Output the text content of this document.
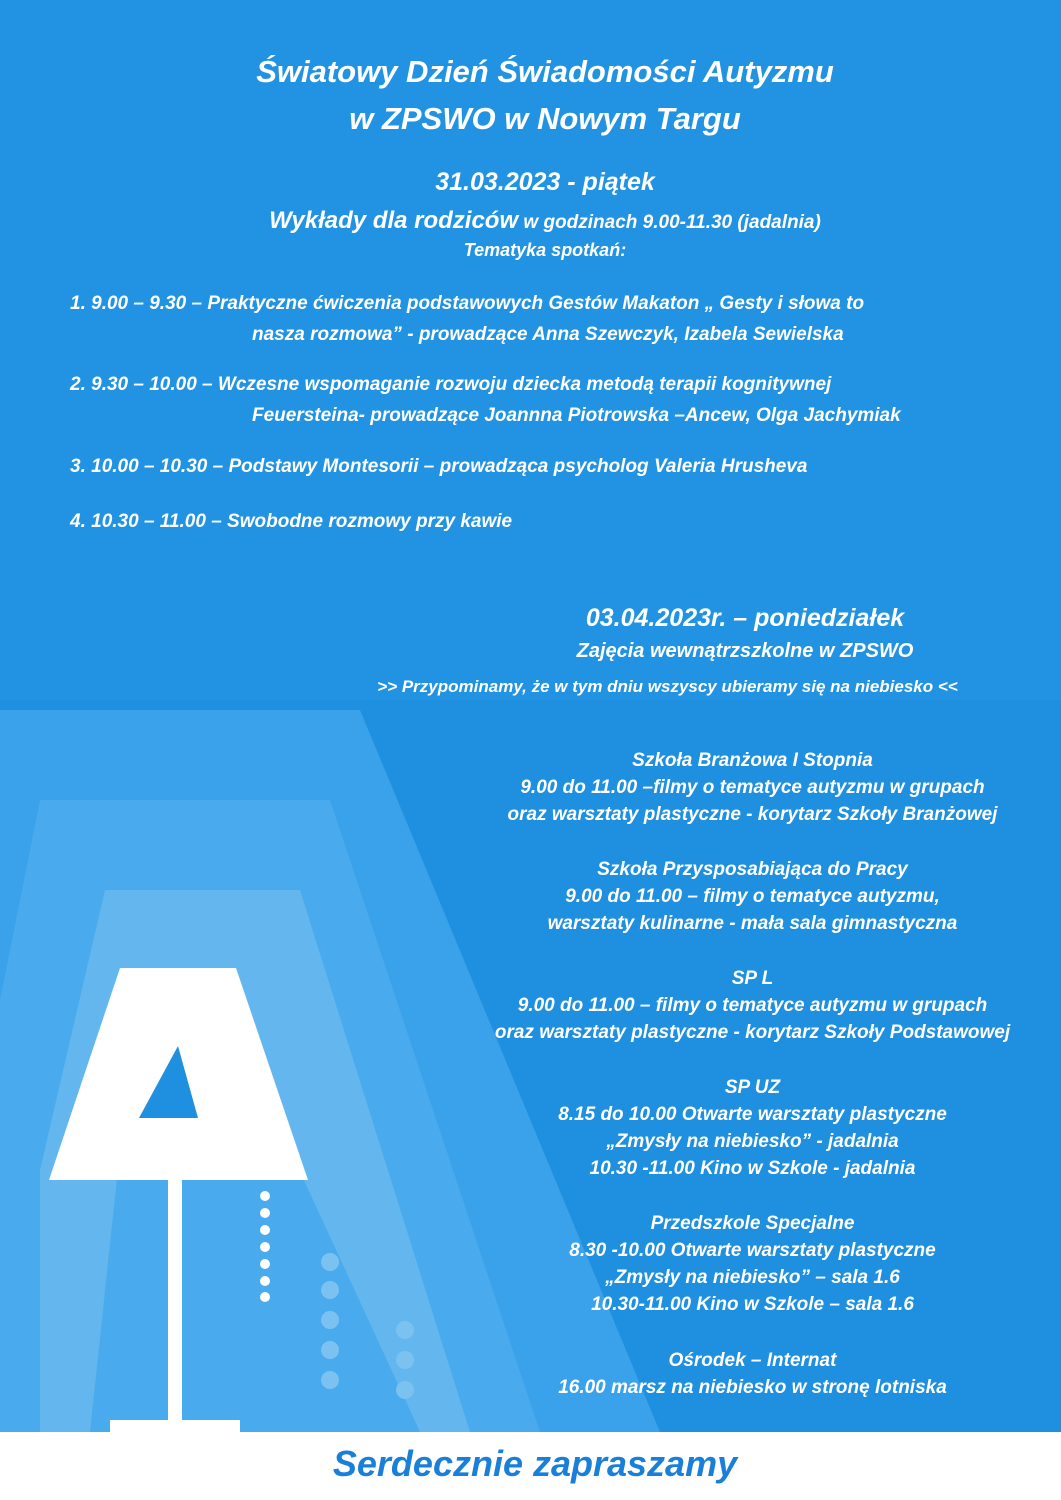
Światowy Dzień Świadomości Autyzmu
w ZPSWO w Nowym Targu
31.03.2023 - piątek
Wykłady dla rodziców w godzinach 9.00-11.30 (jadalnia)
Tematyka spotkań:
1. 9.00 – 9.30 – Praktyczne ćwiczenia podstawowych Gestów Makaton „ Gesty i słowa to
nasza rozmowa” - prowadzące Anna Szewczyk, Izabela Sewielska
2. 9.30 – 10.00 – Wczesne wspomaganie rozwoju dziecka metodą terapii kognitywnej
Feuersteina- prowadzące Joannna Piotrowska –Ancew, Olga Jachymiak
3. 10.00 – 10.30 – Podstawy Montesorii – prowadząca psycholog Valeria Hrusheva
4. 10.30 – 11.00 – Swobodne rozmowy przy kawie
03.04.2023r. – poniedziałek
Zajęcia wewnątrzszkolne w ZPSWO
>> Przypominamy, że w tym dniu wszyscy ubieramy się na niebiesko <<
Szkoła Branżowa I Stopnia
9.00 do 11.00 –filmy o tematyce autyzmu w grupach
oraz warsztaty plastyczne - korytarz Szkoły Branżowej
Szkoła Przysposabiająca do Pracy
9.00 do 11.00 – filmy o tematyce autyzmu,
warsztaty kulinarne - mała sala gimnastyczna
SP L
9.00 do 11.00 – filmy o tematyce autyzmu w grupach
oraz warsztaty plastyczne - korytarz Szkoły Podstawowej
SP UZ
8.15 do 10.00 Otwarte warsztaty plastyczne
„Zmysły na niebiesko” - jadalnia
10.30 -11.00 Kino w Szkole - jadalnia
Przedszkole Specjalne
8.30 -10.00 Otwarte warsztaty plastyczne
„Zmysły na niebiesko” – sala 1.6
10.30-11.00 Kino w Szkole – sala 1.6
Ośrodek – Internat
16.00 marsz na niebiesko w stronę lotniska
Serdecznie zapraszamy
